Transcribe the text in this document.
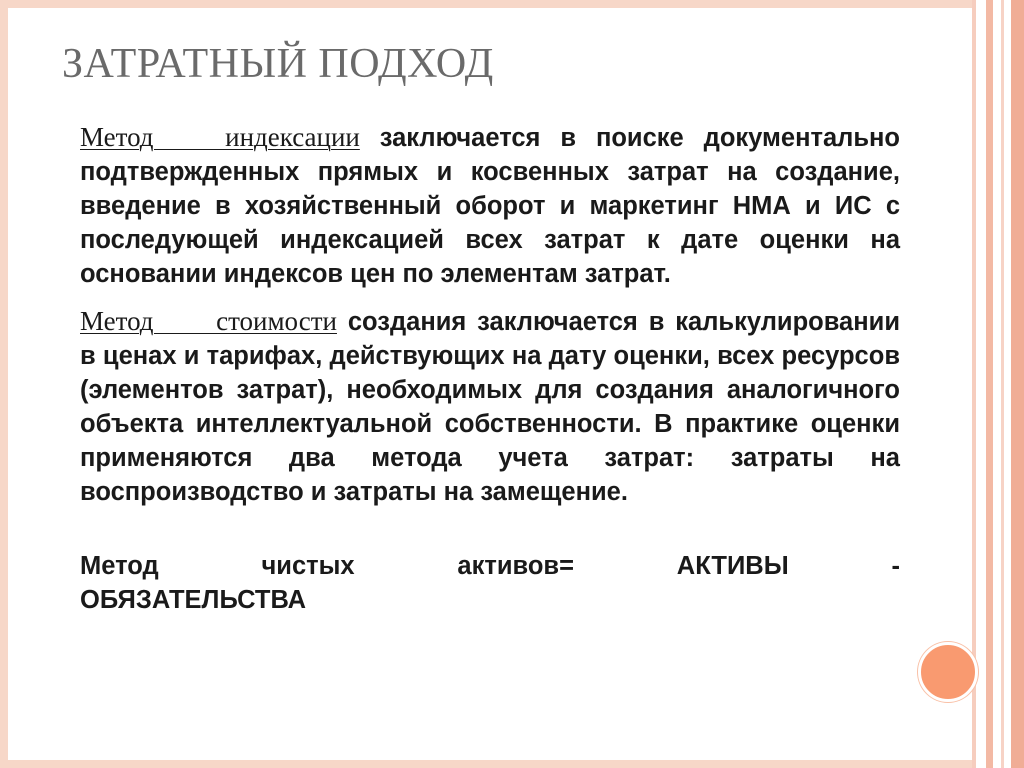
ЗАТРАТНЫЙ ПОДХОД

Метод индексации заключается в поиске документально подтвержденных прямых и косвенных затрат на создание, введение в хозяйственный оборот и маркетинг НМА и ИС с последующей индексацией всех затрат к дате оценки на основании индексов цен по элементам затрат.

Метод стоимости создания заключается в калькулировании в ценах и тарифах, действующих на дату оценки, всех ресурсов (элементов затрат), необходимых для создания аналогичного объекта интеллектуальной собственности. В практике оценки применяются два метода учета затрат: затраты на воспроизводство и затраты на замещение.

Метод чистых активов= АКТИВЫ -
ОБЯЗАТЕЛЬСТВА
